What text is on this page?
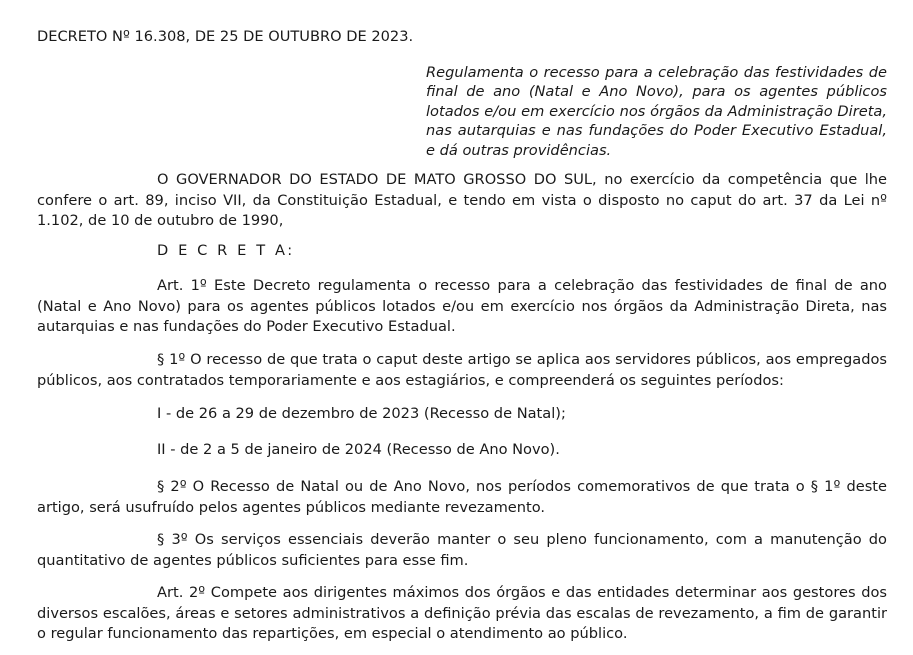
DECRETO Nº 16.308, DE 25 DE OUTUBRO DE 2023.
Regulamenta o recesso para a celebração das festividades de final de ano (Natal e Ano Novo), para os agentes públicos lotados e/ou em exercício nos órgãos da Administração Direta, nas autarquias e nas fundações do Poder Executivo Estadual, e dá outras providências.
O GOVERNADOR DO ESTADO DE MATO GROSSO DO SUL, no exercício da competência que lhe confere o art. 89, inciso VII, da Constituição Estadual, e tendo em vista o disposto no caput do art. 37 da Lei nº 1.102, de 10 de outubro de 1990,
D E C R E T A:
Art. 1º Este Decreto regulamenta o recesso para a celebração das festividades de final de ano (Natal e Ano Novo) para os agentes públicos lotados e/ou em exercício nos órgãos da Administração Direta, nas autarquias e nas fundações do Poder Executivo Estadual.
§ 1º O recesso de que trata o caput deste artigo se aplica aos servidores públicos, aos empregados públicos, aos contratados temporariamente e aos estagiários, e compreenderá os seguintes períodos:
I - de 26 a 29 de dezembro de 2023 (Recesso de Natal);
II - de 2 a 5 de janeiro de 2024 (Recesso de Ano Novo).
§ 2º O Recesso de Natal ou de Ano Novo, nos períodos comemorativos de que trata o § 1º deste artigo, será usufruído pelos agentes públicos mediante revezamento.
§ 3º Os serviços essenciais deverão manter o seu pleno funcionamento, com a manutenção do quantitativo de agentes públicos suficientes para esse fim.
Art. 2º Compete aos dirigentes máximos dos órgãos e das entidades determinar aos gestores dos diversos escalões, áreas e setores administrativos a definição prévia das escalas de revezamento, a fim de garantir o regular funcionamento das repartições, em especial o atendimento ao público.
